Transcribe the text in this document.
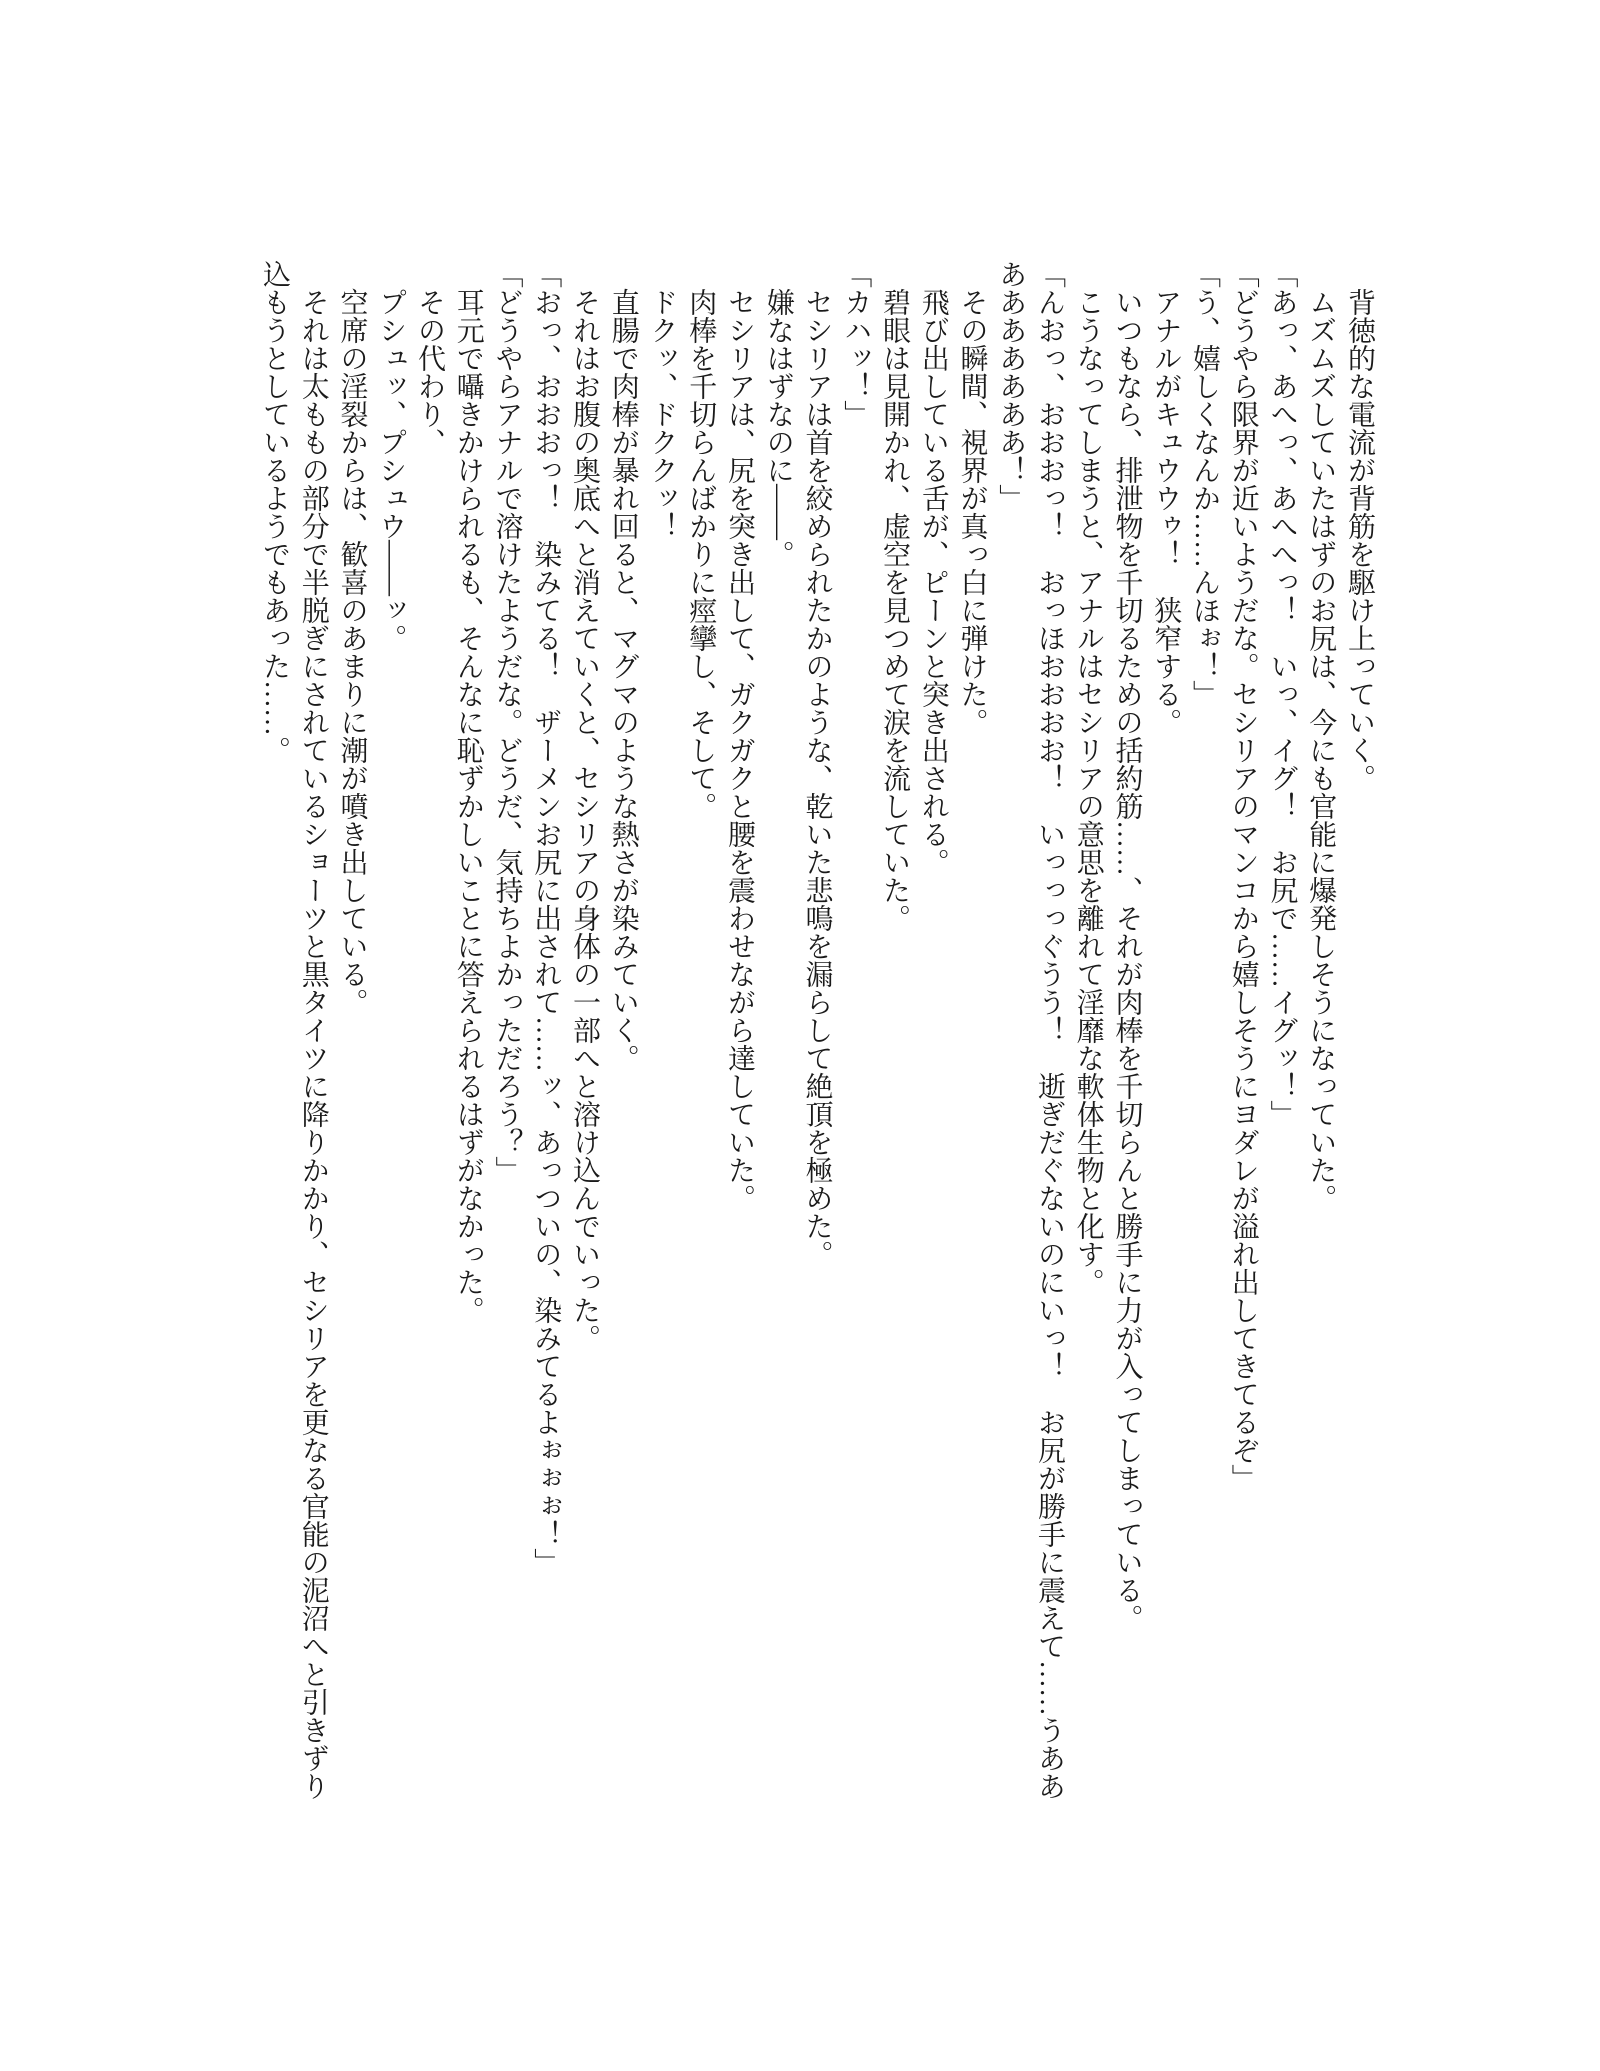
背徳的な電流が背筋を駆け上っていく。

ムズムズしていたはずのお尻は、今にも官能に爆発しそうになっていた。

「あっ、あへっ、あへへっ！　いっ、イグ！　お尻で……イグッ！」

「どうやら限界が近いようだな。セシリアのマンコから嬉しそうにヨダレが溢れ出してきてるぞ」

「う、嬉しくなんか……んほぉ！」

アナルがキュウウゥ！　狭窄する。

いつもなら、排泄物を千切るための括約筋……、それが肉棒を千切らんと勝手に力が入ってしまっている。

こうなってしまうと、アナルはセシリアの意思を離れて淫靡な軟体生物と化す。

「んおっ、おおおっ！　おっほおおおお！　いっっっぐうう！　逝ぎだぐないのにいっ！　お尻が勝手に震えて……うああ

あああああああ！」

その瞬間、視界が真っ白に弾けた。

飛び出している舌が、ピーンと突き出される。

碧眼は見開かれ、虚空を見つめて涙を流していた。

「カハッ！」

セシリアは首を絞められたかのような、乾いた悲鳴を漏らして絶頂を極めた。

嫌なはずなのに――。

セシリアは、尻を突き出して、ガクガクと腰を震わせながら達していた。

肉棒を千切らんばかりに痙攣し、そして。

ドクッ、ドククッ！

直腸で肉棒が暴れ回ると、マグマのような熱さが染みていく。

それはお腹の奥底へと消えていくと、セシリアの身体の一部へと溶け込んでいった。

「おっ、おおおっ！　染みてる！　ザーメンお尻に出されて……ッ、あっついの、染みてるよぉぉぉ！」

「どうやらアナルで溶けたようだな。どうだ、気持ちよかっただろう？」

耳元で囁きかけられるも、そんなに恥ずかしいことに答えられるはずがなかった。

その代わり、

プシュッ、プシュウ――ッ。

空席の淫裂からは、歓喜のあまりに潮が噴き出している。

それは太ももの部分で半脱ぎにされているショーツと黒タイツに降りかかり、セシリアを更なる官能の泥沼へと引きずり

込もうとしているようでもあった……。
